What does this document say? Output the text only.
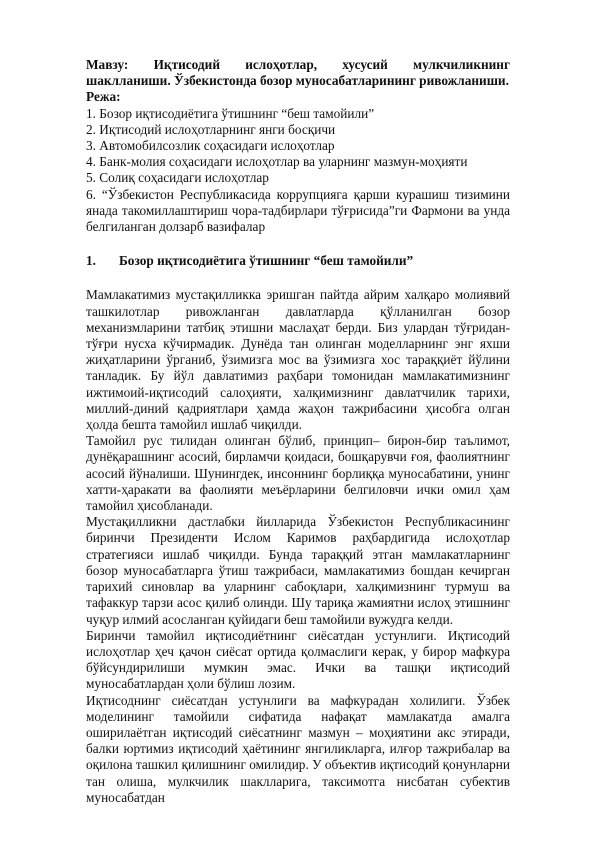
Мавзу: Иқтисодий ислоҳотлар, хусусий мулкчиликнинг шаклланиши. Ўзбекистонда бозор муносабатларининг ривожланиши.

Режа:

1. Бозор иқтисодиётига ўтишнинг “беш тамойили”

2. Иқтисодий ислоҳотларнинг янги босқичи

3. Автомобилсозлик соҳасидаги ислоҳотлар

4. Банк-молия соҳасидаги ислоҳотлар ва уларнинг мазмун-моҳияти

5. Солиқ соҳасидаги ислоҳотлар

6. “Ўзбекистон Республикасида коррупцияга қарши курашиш тизимини янада такомиллаштириш чора-тадбирлари тўғрисида”ги Фармони ва унда белгиланган долзарб вазифалар

1.	Бозор иқтисодиётига ўтишнинг “беш тамойили”

Мамлакатимиз мустақилликка эришган пайтда айрим халқаро молиявий ташкилотлар ривожланган давлатларда қўлланилган бозор механизмларини татбиқ этишни маслаҳат берди. Биз улардан тўғридан-тўғри нусха кўчирмадик. Дунёда тан олинган моделларнинг энг яхши жиҳатларини ўрганиб, ўзимизга мос ва ўзимизга хос тараққиёт йўлини танладик. Бу йўл давлатимиз раҳбари томонидан мамлакатимизнинг ижтимоий-иқтисодий салоҳияти, халқимизнинг давлатчилик тарихи, миллий-диний қадриятлари ҳамда жаҳон тажрибасини ҳисобга олган ҳолда бешта тамойил ишлаб чиқилди.

Тамойил рус тилидан олинган бўлиб, принцип– бирон-бир таълимот, дунёқарашнинг асосий, бирламчи қоидаси, бошқарувчи ғоя, фаолиятнинг асосий йўналиши. Шунингдек, инсоннинг борлиққа муносабатини, унинг хатти-ҳаракати ва фаолияти меъёрларини белгиловчи ички омил ҳам тамойил ҳисобланади.

Мустақилликни дастлабки йилларида Ўзбекистон Республикасининг биринчи Президенти Ислом Каримов раҳбардигида ислоҳотлар стратегияси ишлаб чиқилди. Бунда тараққий этган мамлакатларнинг бозор муносабатларга ўтиш тажрибаси, мамлакатимиз бошдан кечирган тарихий синовлар ва уларнинг сабоқлари, халқимизнинг турмуш ва тафаккур тарзи асос қилиб олинди. Шу тариқа жамиятни ислоҳ этишнинг чуқур илмий асосланган қуйидаги беш тамойили вужудга келди.

Биринчи тамойил иқтисодиётнинг сиёсатдан устунлиги. Иқтисодий ислоҳотлар ҳеч қачон сиёсат ортида қолмаслиги керак, у бирор мафкура бўйсундирилиши мумкин эмас. Ички ва ташқи иқтисодий муносабатлардан ҳоли бўлиш лозим.

Иқтисоднинг сиёсатдан устунлиги ва мафкурадан холилиги. Ўзбек моделининг тамойили сифатида нафақат мамлакатда амалга оширилаётган иқтисодий сиёсатнинг мазмун – моҳиятини акс этиради, балки юртимиз иқтисодий ҳаётининг янгиликларга, илғор тажрибалар ва оқилона ташкил қилишнинг омилидир. У объектив иқтисодий қонунларни тан олиша, мулкчилик шаклларига, таксимотга нисбатан субектив муносабатдан
